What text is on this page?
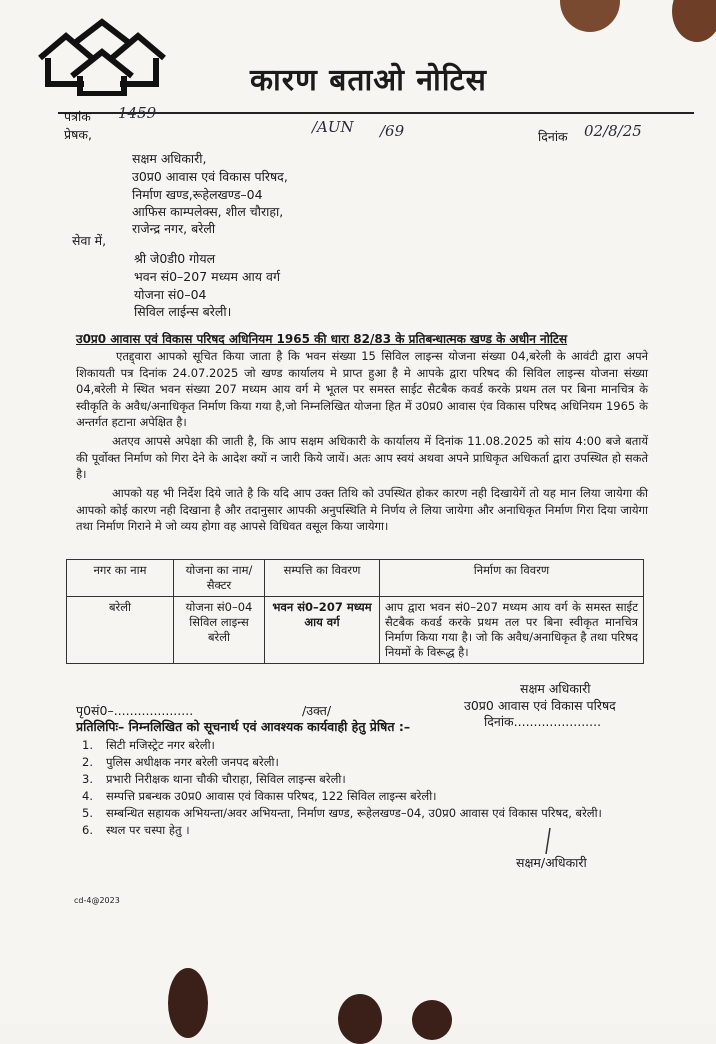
कारण बताओ नोटिस
पत्रांक 1459
प्रेषक,	/AUN /69	दिनांक 02/8/25
सक्षम अधिकारी,
उ0प्र0 आवास एवं विकास परिषद,
निर्माण खण्ड,रूहेलखण्ड–04
आफिस काम्पलेक्स, शील चौराहा,
राजेन्द्र नगर, बरेली
सेवा में,
श्री जे0डी0 गोयल
भवन सं0–207 मध्यम आय वर्ग
योजना सं0–04
सिविल लाईन्स बरेली।
उ0प्र0 आवास एवं विकास परिषद अधिनियम 1965 की धारा 82/83 के प्रतिबन्धात्मक खण्ड के अधीन नोटिस
एतद्द्वारा आपको सूचित किया जाता है कि भवन संख्या 15 सिविल लाइन्स योजना संख्या 04,बरेली के आवंटी द्वारा अपने शिकायती पत्र दिनांक 24.07.2025 जो खण्ड कार्यालय मे प्राप्त हुआ है मे आपके द्वारा परिषद की सिविल लाइन्स योजना संख्या 04,बरेली मे स्थित भवन संख्या 207 मध्यम आय वर्ग मे भूतल पर समस्त साईट सैटबैक कवर्ड करके प्रथम तल पर बिना मानचित्र के स्वीकृति के अवैध/अनाधिकृत निर्माण किया गया है,जो निम्नलिखित योजना हित में उ0प्र0 आवास एंव विकास परिषद अधिनियम 1965 के अन्तर्गत हटाना अपेक्षित है।
अतएव आपसे अपेक्षा की जाती है, कि आप सक्षम अधिकारी के कार्यालय में दिनांक 11.08.2025 को सांय 4:00 बजे बतायें की पूर्वोक्त निर्माण को गिरा देने के आदेश क्यों न जारी किये जायें। अतः आप स्वयं अथवा अपने प्राधिकृत अधिकर्ता द्वारा उपस्थित हो सकते है।
आपको यह भी निर्देश दिये जाते है कि यदि आप उक्त तिथि को उपस्थित होकर कारण नही दिखायेगें तो यह मान लिया जायेगा की आपको कोई कारण नही दिखाना है और तदानुसार आपकी अनुपस्थिति मे निर्णय ले लिया जायेगा और अनाधिकृत निर्माण गिरा दिया जायेगा तथा निर्माण गिराने मे जो व्यय होगा वह आपसे विधिवत वसूल किया जायेगा।
नगर का नाम	योजना का नाम/सैक्टर	सम्पत्ति का विवरण	निर्माण का विवरण
बरेली	योजना सं0–04 सिविल लाइन्स बरेली	भवन सं0–207 मध्यम आय वर्ग	आप द्वारा भवन सं0–207 मध्यम आय वर्ग के समस्त साईट सैटबैक कवर्ड करके प्रथम तल पर बिना स्वीकृत मानचित्र निर्माण किया गया है। जो कि अवैध/अनाधिकृत है तथा परिषद नियमों के विरूद्ध है।
सक्षम अधिकारी
उ0प्र0 आवास एवं विकास परिषद
दिनांक......................
पृ0सं0–....................	/उक्त/
प्रतिलिपिः– निम्नलिखित को सूचनार्थ एवं आवश्यक कार्यवाही हेतु प्रेषित :–
1.	सिटी मजिस्ट्रेट नगर बरेली।
2.	पुलिस अधीक्षक नगर बरेली जनपद बरेली।
3.	प्रभारी निरीक्षक थाना चौकी चौराहा, सिविल लाइन्स बरेली।
4.	सम्पत्ति प्रबन्धक उ0प्र0 आवास एवं विकास परिषद, 122 सिविल लाइन्स बरेली।
5.	सम्बन्धित सहायक अभियन्ता/अवर अभियन्ता, निर्माण खण्ड, रूहेलखण्ड–04, उ0प्र0 आवास एवं विकास परिषद, बरेली।
6.	स्थल पर चस्पा हेतु ।
सक्षम/अधिकारी
cd-4@2023
